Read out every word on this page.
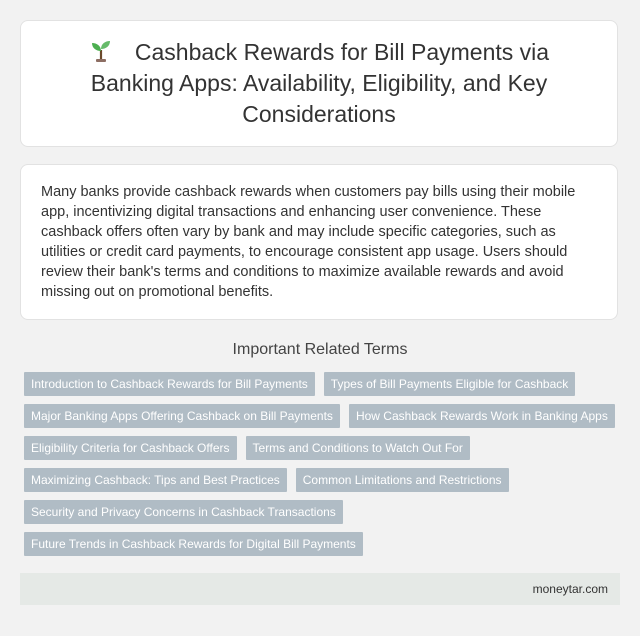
Cashback Rewards for Bill Payments via Banking Apps: Availability, Eligibility, and Key Considerations

Many banks provide cashback rewards when customers pay bills using their mobile app, incentivizing digital transactions and enhancing user convenience. These cashback offers often vary by bank and may include specific categories, such as utilities or credit card payments, to encourage consistent app usage. Users should review their bank's terms and conditions to maximize available rewards and avoid missing out on promotional benefits.

Important Related Terms
Introduction to Cashback Rewards for Bill Payments	Types of Bill Payments Eligible for Cashback
Major Banking Apps Offering Cashback on Bill Payments	How Cashback Rewards Work in Banking Apps
Eligibility Criteria for Cashback Offers	Terms and Conditions to Watch Out For
Maximizing Cashback: Tips and Best Practices	Common Limitations and Restrictions
Security and Privacy Concerns in Cashback Transactions
Future Trends in Cashback Rewards for Digital Bill Payments
moneytar.com
